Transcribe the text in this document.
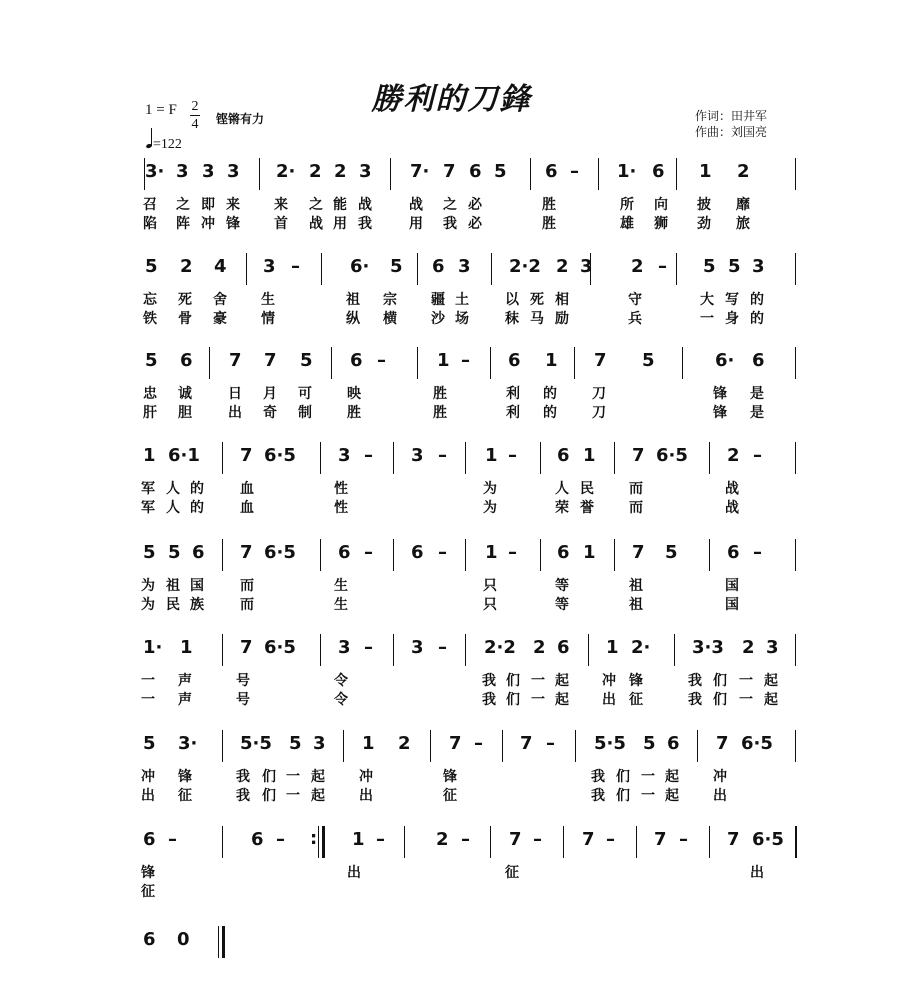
勝利的刀鋒
1 = F 2
4 铿锵有力
=122
作词：田井军
作曲：刘国亮
3· 3 3 3 2· 2 2 3 7· 7 6 5 6 – 1· 6 1 2
召 之 即 来 来 之 能 战	战 之 必	胜	所 向 披 靡
陷 阵 冲 锋 首 战 用 我	用 我 必	胜	雄 狮 劲 旅
5 2 4 3 –	6· 5 6 3 2·2 2 3 2 – 5 5 3
忘 死 舍 生	祖 宗 疆 土	以 死 相	守	大 写 的
铁 骨 豪 情	纵 横 沙 场	秣 马 励	兵	一 身 的
5 6 7 7 5 6 –	1 – 6 1 7 5	6· 6
忠 诚	日 月 可	映	胜	利 的	刀	锋 是
肝 胆	出 奇 制	胜	胜	利 的	刀	锋 是
1 6·1 7 6·5 3 – 3 – 1 – 6 1 7 6·5 2 –
军 人 的	血	性	为	人 民	而	战
军 人 的	血	性	为	荣 誉	而	战
5 5 6 7 6·5 6 – 6 – 1 – 6 1 7 5	6 –
为 祖 国	而	生	只	等	祖	国
为 民 族	而	生	只	等	祖	国
1· 1	7 6·5 3 – 3 – 2·2 2 6 1 2· 3·3 2 3
一 声	号	令	我 们 一 起 冲 锋	我 们 一 起
一 声	号	令	我 们 一 起 出 征	我 们 一 起
5 3· 5·5 5 3 1 2 7 – 7 – 5·5 5 6 7 6·5
冲 锋	我 们 一 起 冲	锋	我 们 一 起 冲
出 征	我 们 一 起 出	征	我 们 一 起 出
:
6 –	6 –	1 –	2 – 7 – 7 – 7 – 7 6·5
锋	出	征	出
征
6 0
